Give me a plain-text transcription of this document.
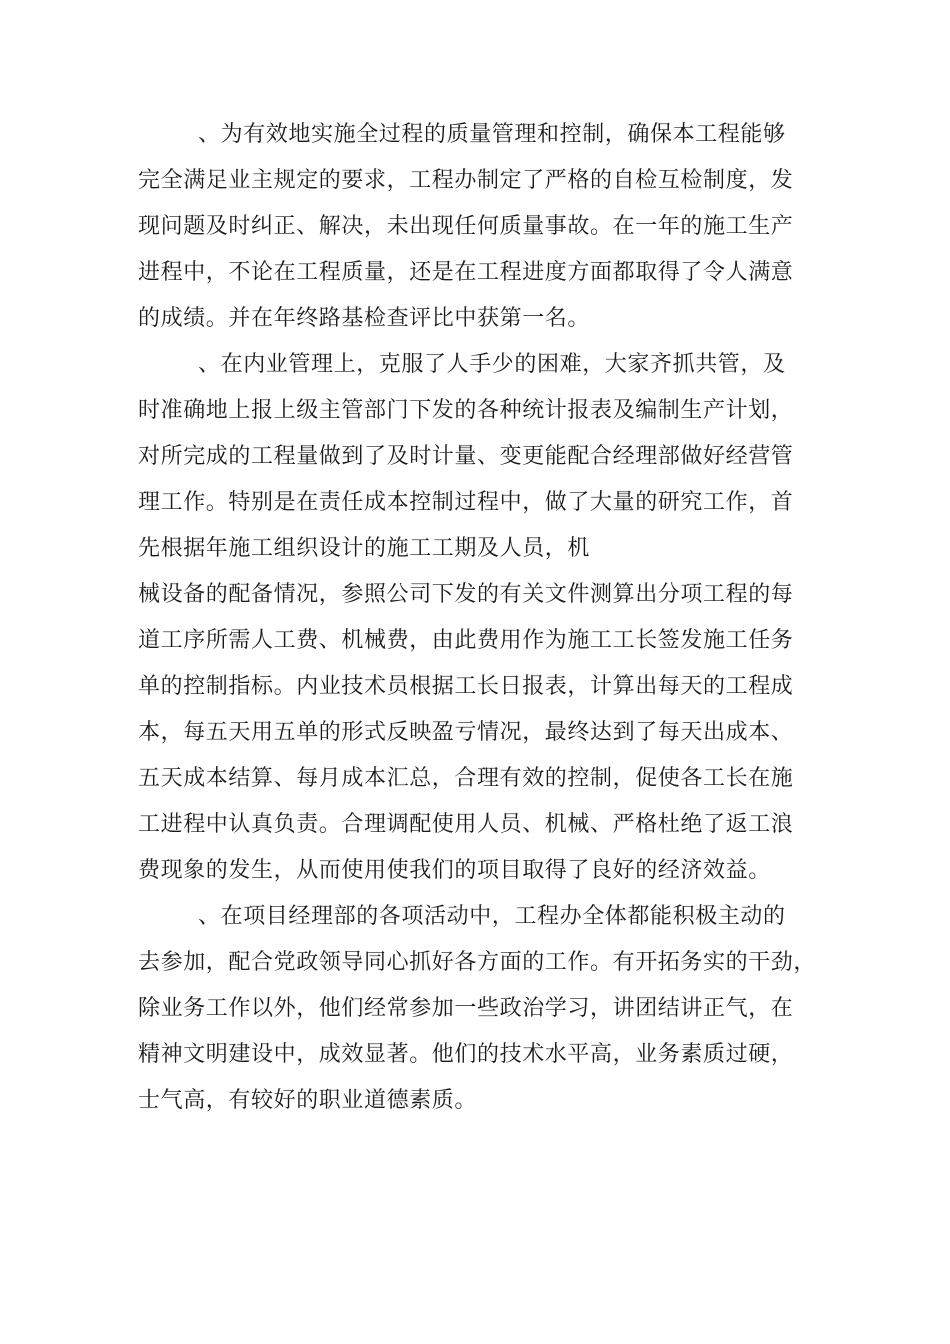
、为有效地实施全过程的质量管理和控制，确保本工程能够
完全满足业主规定的要求，工程办制定了严格的自检互检制度，发
现问题及时纠正、解决，未出现任何质量事故。在一年的施工生产
进程中，不论在工程质量，还是在工程进度方面都取得了令人满意
的成绩。并在年终路基检查评比中获第一名。
、在内业管理上，克服了人手少的困难，大家齐抓共管，及
时准确地上报上级主管部门下发的各种统计报表及编制生产计划，
对所完成的工程量做到了及时计量、变更能配合经理部做好经营管
理工作。特别是在责任成本控制过程中，做了大量的研究工作，首
先根据年施工组织设计的施工工期及人员，机
械设备的配备情况，参照公司下发的有关文件测算出分项工程的每
道工序所需人工费、机械费，由此费用作为施工工长签发施工任务
单的控制指标。内业技术员根据工长日报表，计算出每天的工程成
本，每五天用五单的形式反映盈亏情况，最终达到了每天出成本、
五天成本结算、每月成本汇总，合理有效的控制，促使各工长在施
工进程中认真负责。合理调配使用人员、机械、严格杜绝了返工浪
费现象的发生，从而使用使我们的项目取得了良好的经济效益。
、在项目经理部的各项活动中，工程办全体都能积极主动的
去参加，配合党政领导同心抓好各方面的工作。有开拓务实的干劲，
除业务工作以外，他们经常参加一些政治学习，讲团结讲正气，在
精神文明建设中，成效显著。他们的技术水平高，业务素质过硬，
士气高，有较好的职业道德素质。
